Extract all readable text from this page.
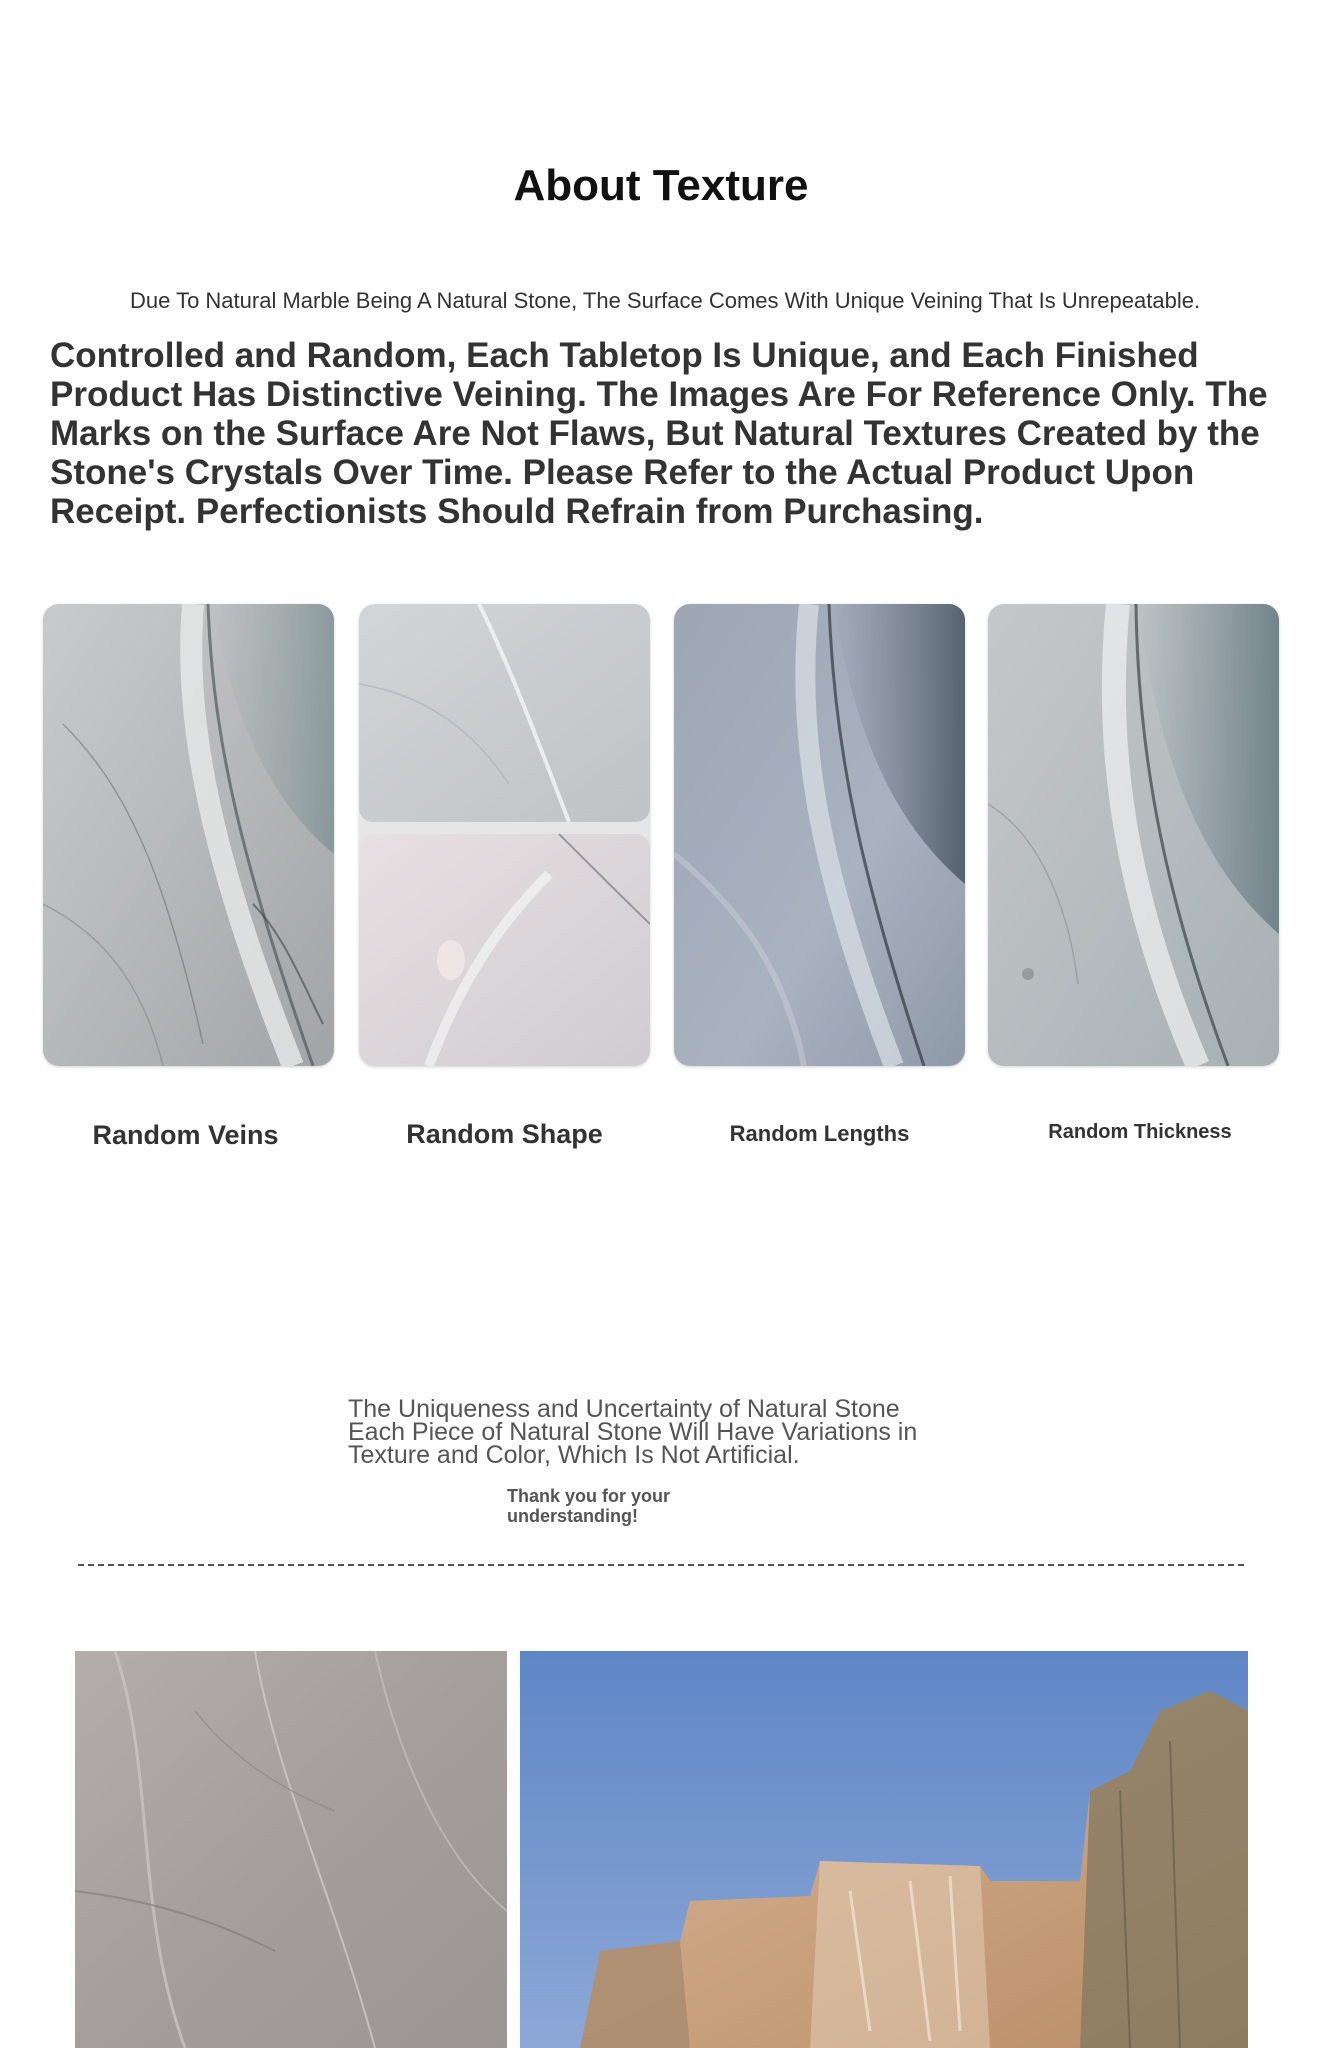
About Texture
Due To Natural Marble Being A Natural Stone, The Surface Comes With Unique Veining That Is Unrepeatable.
Controlled and Random, Each Tabletop Is Unique, and Each Finished Product Has Distinctive Veining. The Images Are For Reference Only. The Marks on the Surface Are Not Flaws, But Natural Textures Created by the Stone's Crystals Over Time. Please Refer to the Actual Product Upon Receipt. Perfectionists Should Refrain from Purchasing.
Random Veins	Random Shape	Random Lengths	Random Thickness
The Uniqueness and Uncertainty of Natural Stone
Each Piece of Natural Stone Will Have Variations in Texture and Color, Which Is Not Artificial.
Thank you for your understanding!
